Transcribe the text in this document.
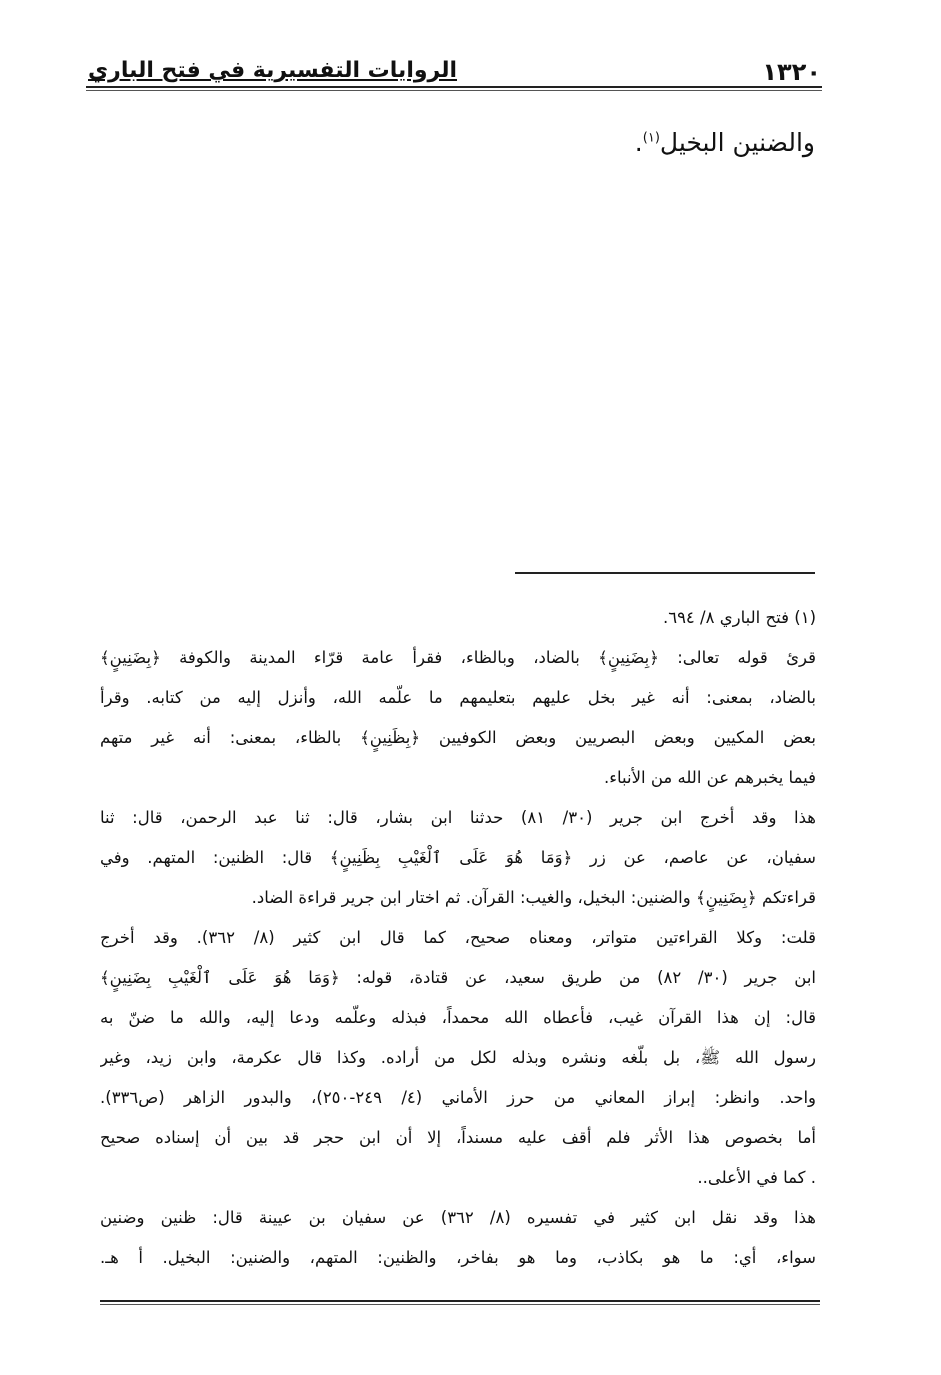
١٣٢٠
الروايات التفسيرية في فتح الباري
والضنين البخيل$^{(١)}$.
(١) فتح الباري ٨/ ٦٩٤.
قرئ قوله تعالى: ﴿بِضَنِينٍ﴾ بالضاد، وبالظاء، فقرأ عامة قرّاء المدينة والكوفة ﴿بِضَنِينٍ﴾
بالضاد، بمعنى: أنه غير بخل عليهم بتعليمهم ما علّمه الله، وأنزل إليه من كتابه. وقرأ
بعض المكيين وبعض البصريين وبعض الكوفيين ﴿بِظَنِينٍ﴾ بالظاء، بمعنى: أنه غير متهم
فيما يخبرهم عن الله من الأنباء.
هذا وقد أخرج ابن جرير (٣٠/ ٨١) حدثنا ابن بشار، قال: ثنا عبد الرحمن، قال: ثنا
سفيان، عن عاصم، عن زر ﴿وَمَا هُوَ عَلَى ٱلْغَيْبِ بِظَنِينٍ﴾ قال: الظنين: المتهم. وفي
قراءتكم ﴿بِضَنِينٍ﴾ والضنين: البخيل، والغيب: القرآن. ثم اختار ابن جرير قراءة الضاد.
قلت: وكلا القراءتين متواتر، ومعناه صحيح، كما قال ابن كثير (٨/ ٣٦٢). وقد أخرج
ابن جرير (٣٠/ ٨٢) من طريق سعيد، عن قتادة، قوله: ﴿وَمَا هُوَ عَلَى ٱلْغَيْبِ بِضَنِينٍ﴾
قال: إن هذا القرآن غيب، فأعطاه الله محمداً، فبذله وعلّمه ودعا إليه، والله ما ضنّ به
رسول الله ﷺ، بل بلّغه ونشره وبذله لكل من أراده. وكذا قال عكرمة، وابن زيد، وغير
واحد. وانظر: إبراز المعاني من حرز الأماني (٤/ ٢٤٩-٢٥٠)، والبدور الزاهر (ص٣٣٦).
أما بخصوص هذا الأثر فلم أقف عليه مسنداً، إلا أن ابن حجر قد بين أن إسناده صحيح
. كما في الأعلى..
هذا وقد نقل ابن كثير في تفسيره (٨/ ٣٦٢) عن سفيان بن عيينة قال: ظنين وضنين
سواء، أي: ما هو بكاذب، وما هو بفاخر، والظنين: المتهم، والضنين: البخيل. أ هـ.
